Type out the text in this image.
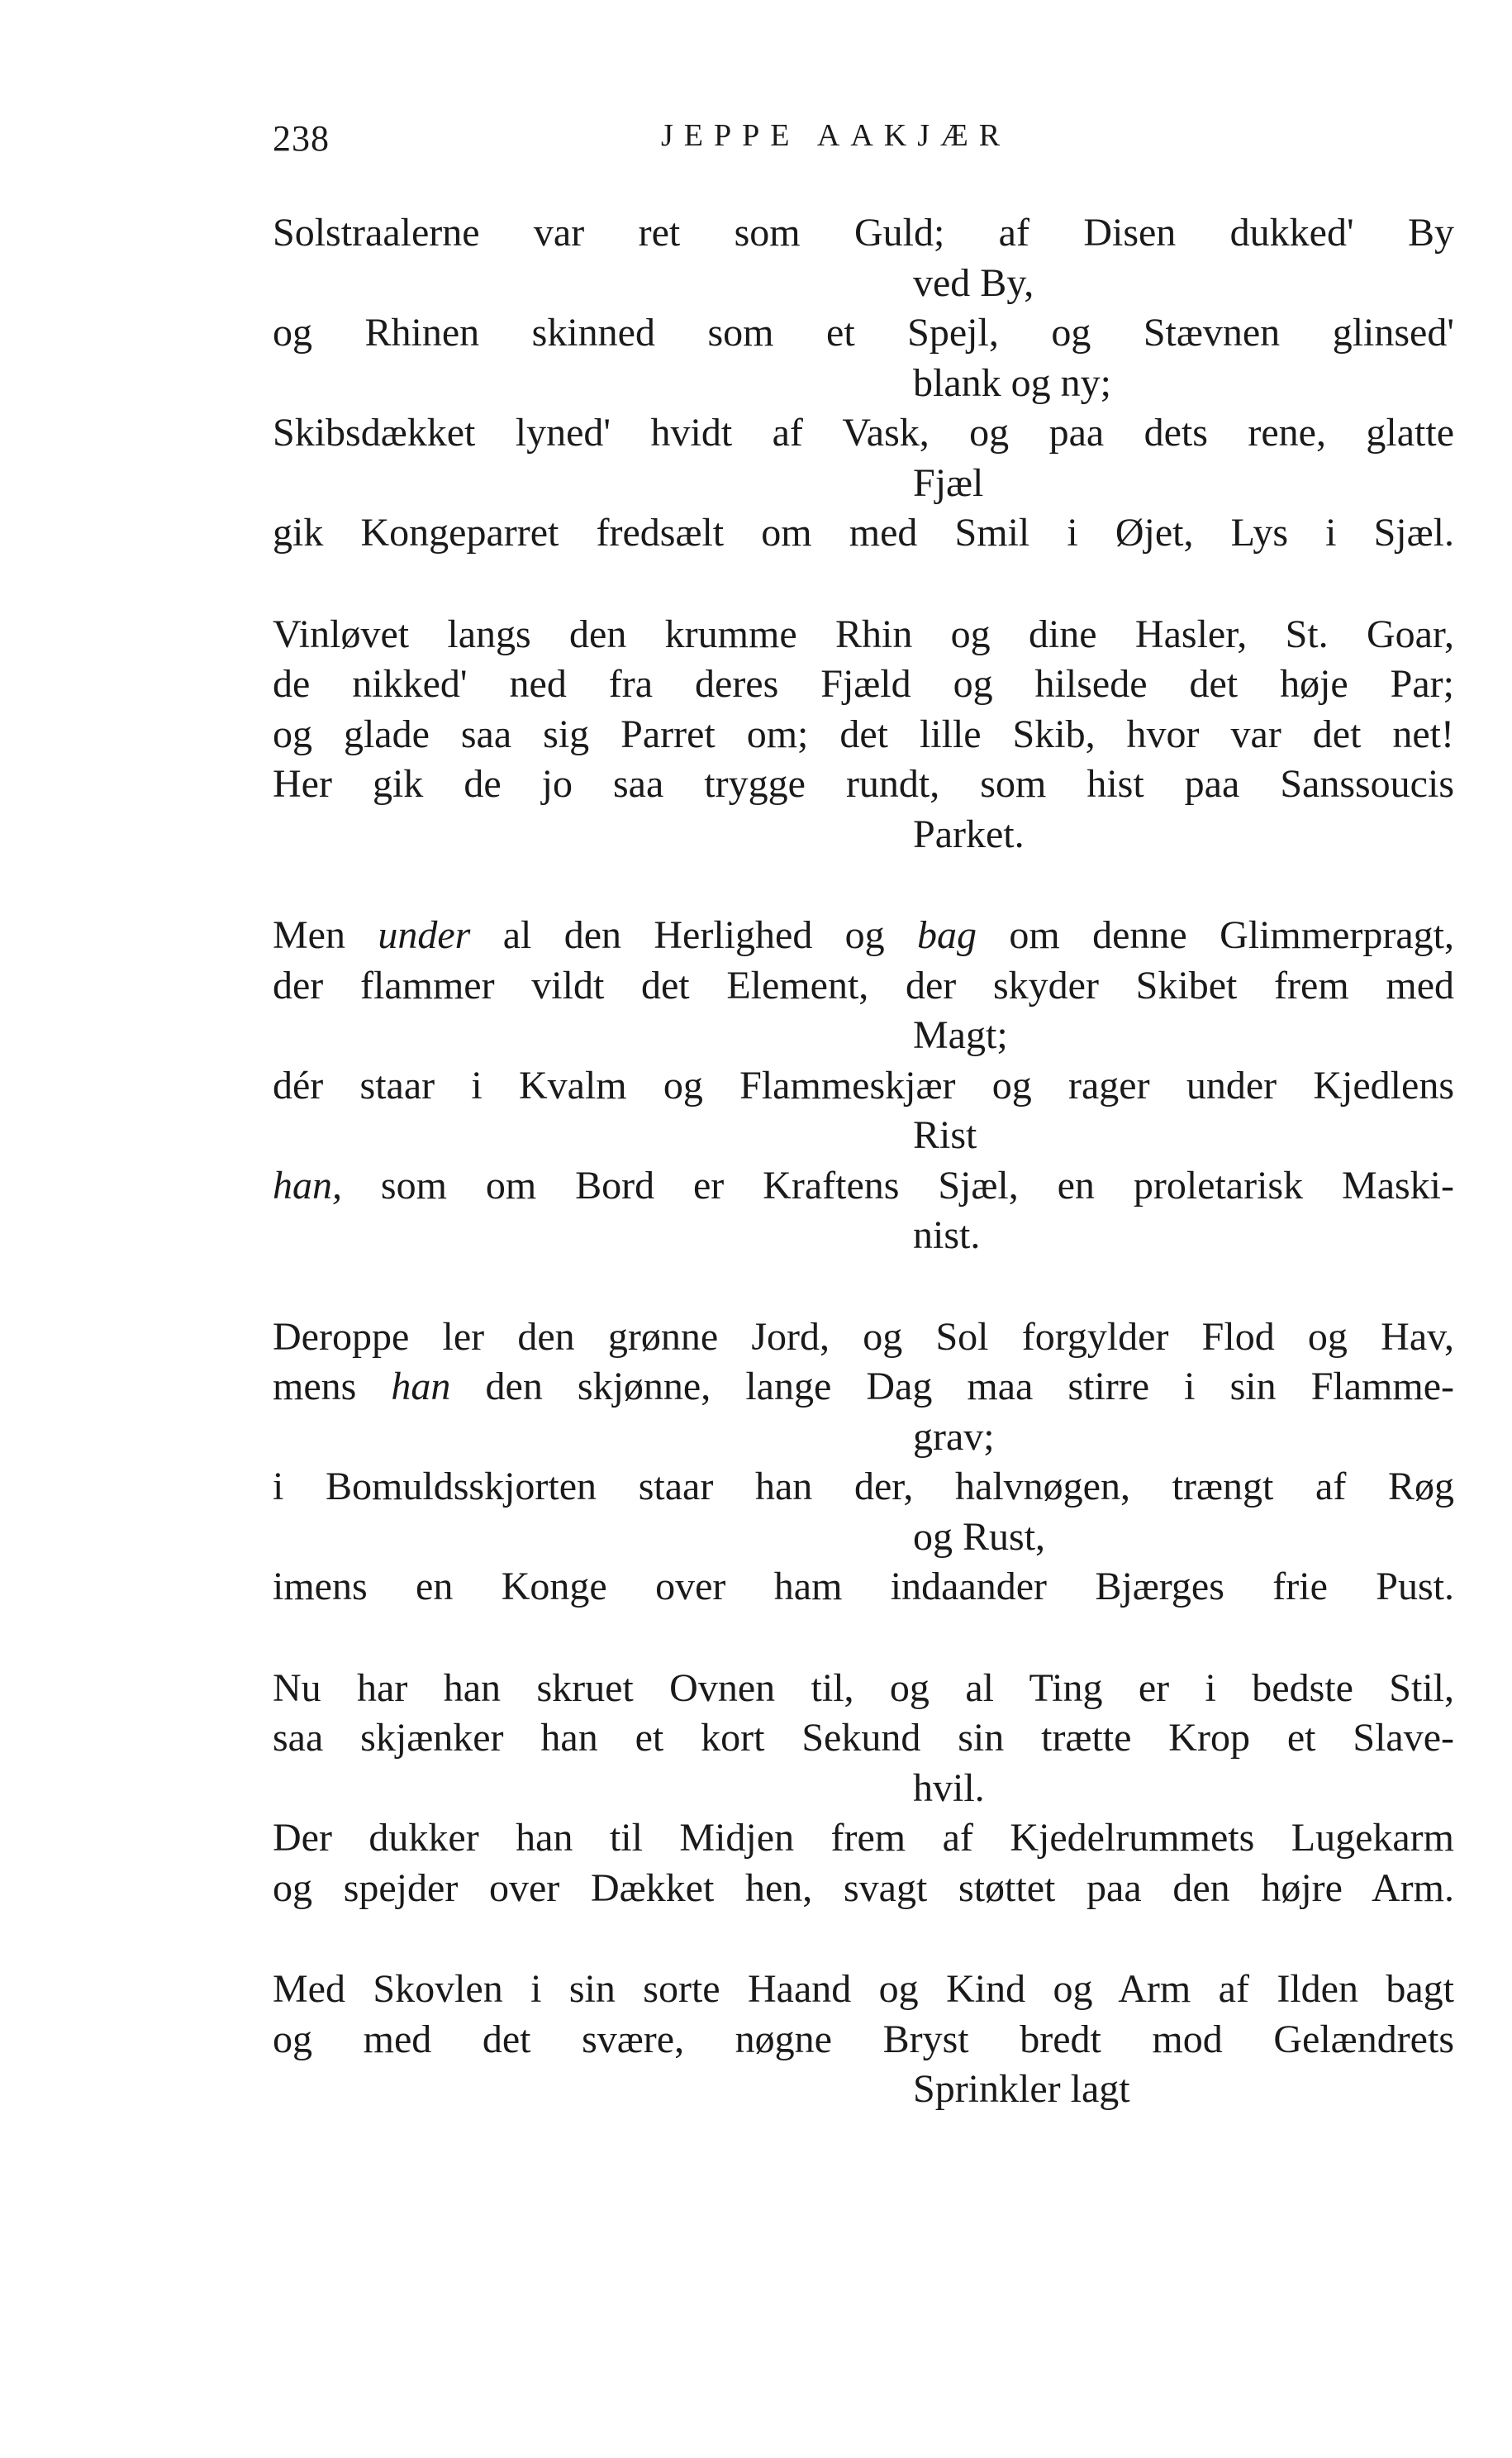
238	JEPPE AAKJÆR
Solstraalerne var ret som Guld; af Disen dukked' By
ved By,
og Rhinen skinned som et Spejl, og Stævnen glinsed'
blank og ny;
Skibsdækket lyned' hvidt af Vask, og paa dets rene, glatte
Fjæl
gik Kongeparret fredsælt om med Smil i Øjet, Lys i Sjæl.
Vinløvet langs den krumme Rhin og dine Hasler, St. Goar,
de nikked' ned fra deres Fjæld og hilsede det høje Par;
og glade saa sig Parret om; det lille Skib, hvor var det net!
Her gik de jo saa trygge rundt, som hist paa Sanssoucis
Parket.
Men under al den Herlighed og bag om denne Glimmerpragt,
der flammer vildt det Element, der skyder Skibet frem med
Magt;
dér staar i Kvalm og Flammeskjær og rager under Kjedlens
Rist
han, som om Bord er Kraftens Sjæl, en proletarisk Maski-
nist.
Deroppe ler den grønne Jord, og Sol forgylder Flod og Hav,
mens han den skjønne, lange Dag maa stirre i sin Flamme-
grav;
i Bomuldsskjorten staar han der, halvnøgen, trængt af Røg
og Rust,
imens en Konge over ham indaander Bjærges frie Pust.
Nu har han skruet Ovnen til, og al Ting er i bedste Stil,
saa skjænker han et kort Sekund sin trætte Krop et Slave-
hvil.
Der dukker han til Midjen frem af Kjedelrummets Lugekarm
og spejder over Dækket hen, svagt støttet paa den højre Arm.
Med Skovlen i sin sorte Haand og Kind og Arm af Ilden bagt
og med det svære, nøgne Bryst bredt mod Gelændrets
Sprinkler lagt
